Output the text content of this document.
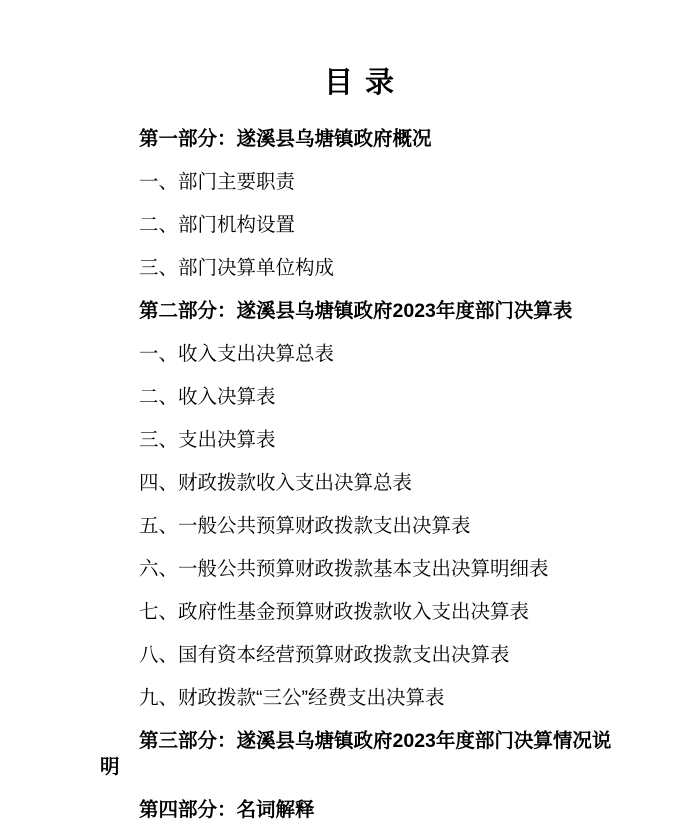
目 录

第一部分：遂溪县乌塘镇政府概况

一、部门主要职责

二、部门机构设置

三、部门决算单位构成

第二部分：遂溪县乌塘镇政府2023年度部门决算表

一、收入支出决算总表

二、收入决算表

三、支出决算表

四、财政拨款收入支出决算总表

五、一般公共预算财政拨款支出决算表

六、一般公共预算财政拨款基本支出决算明细表

七、政府性基金预算财政拨款收入支出决算表

八、国有资本经营预算财政拨款支出决算表

九、财政拨款“三公”经费支出决算表

第三部分：遂溪县乌塘镇政府2023年度部门决算情况说明

第四部分：名词解释
